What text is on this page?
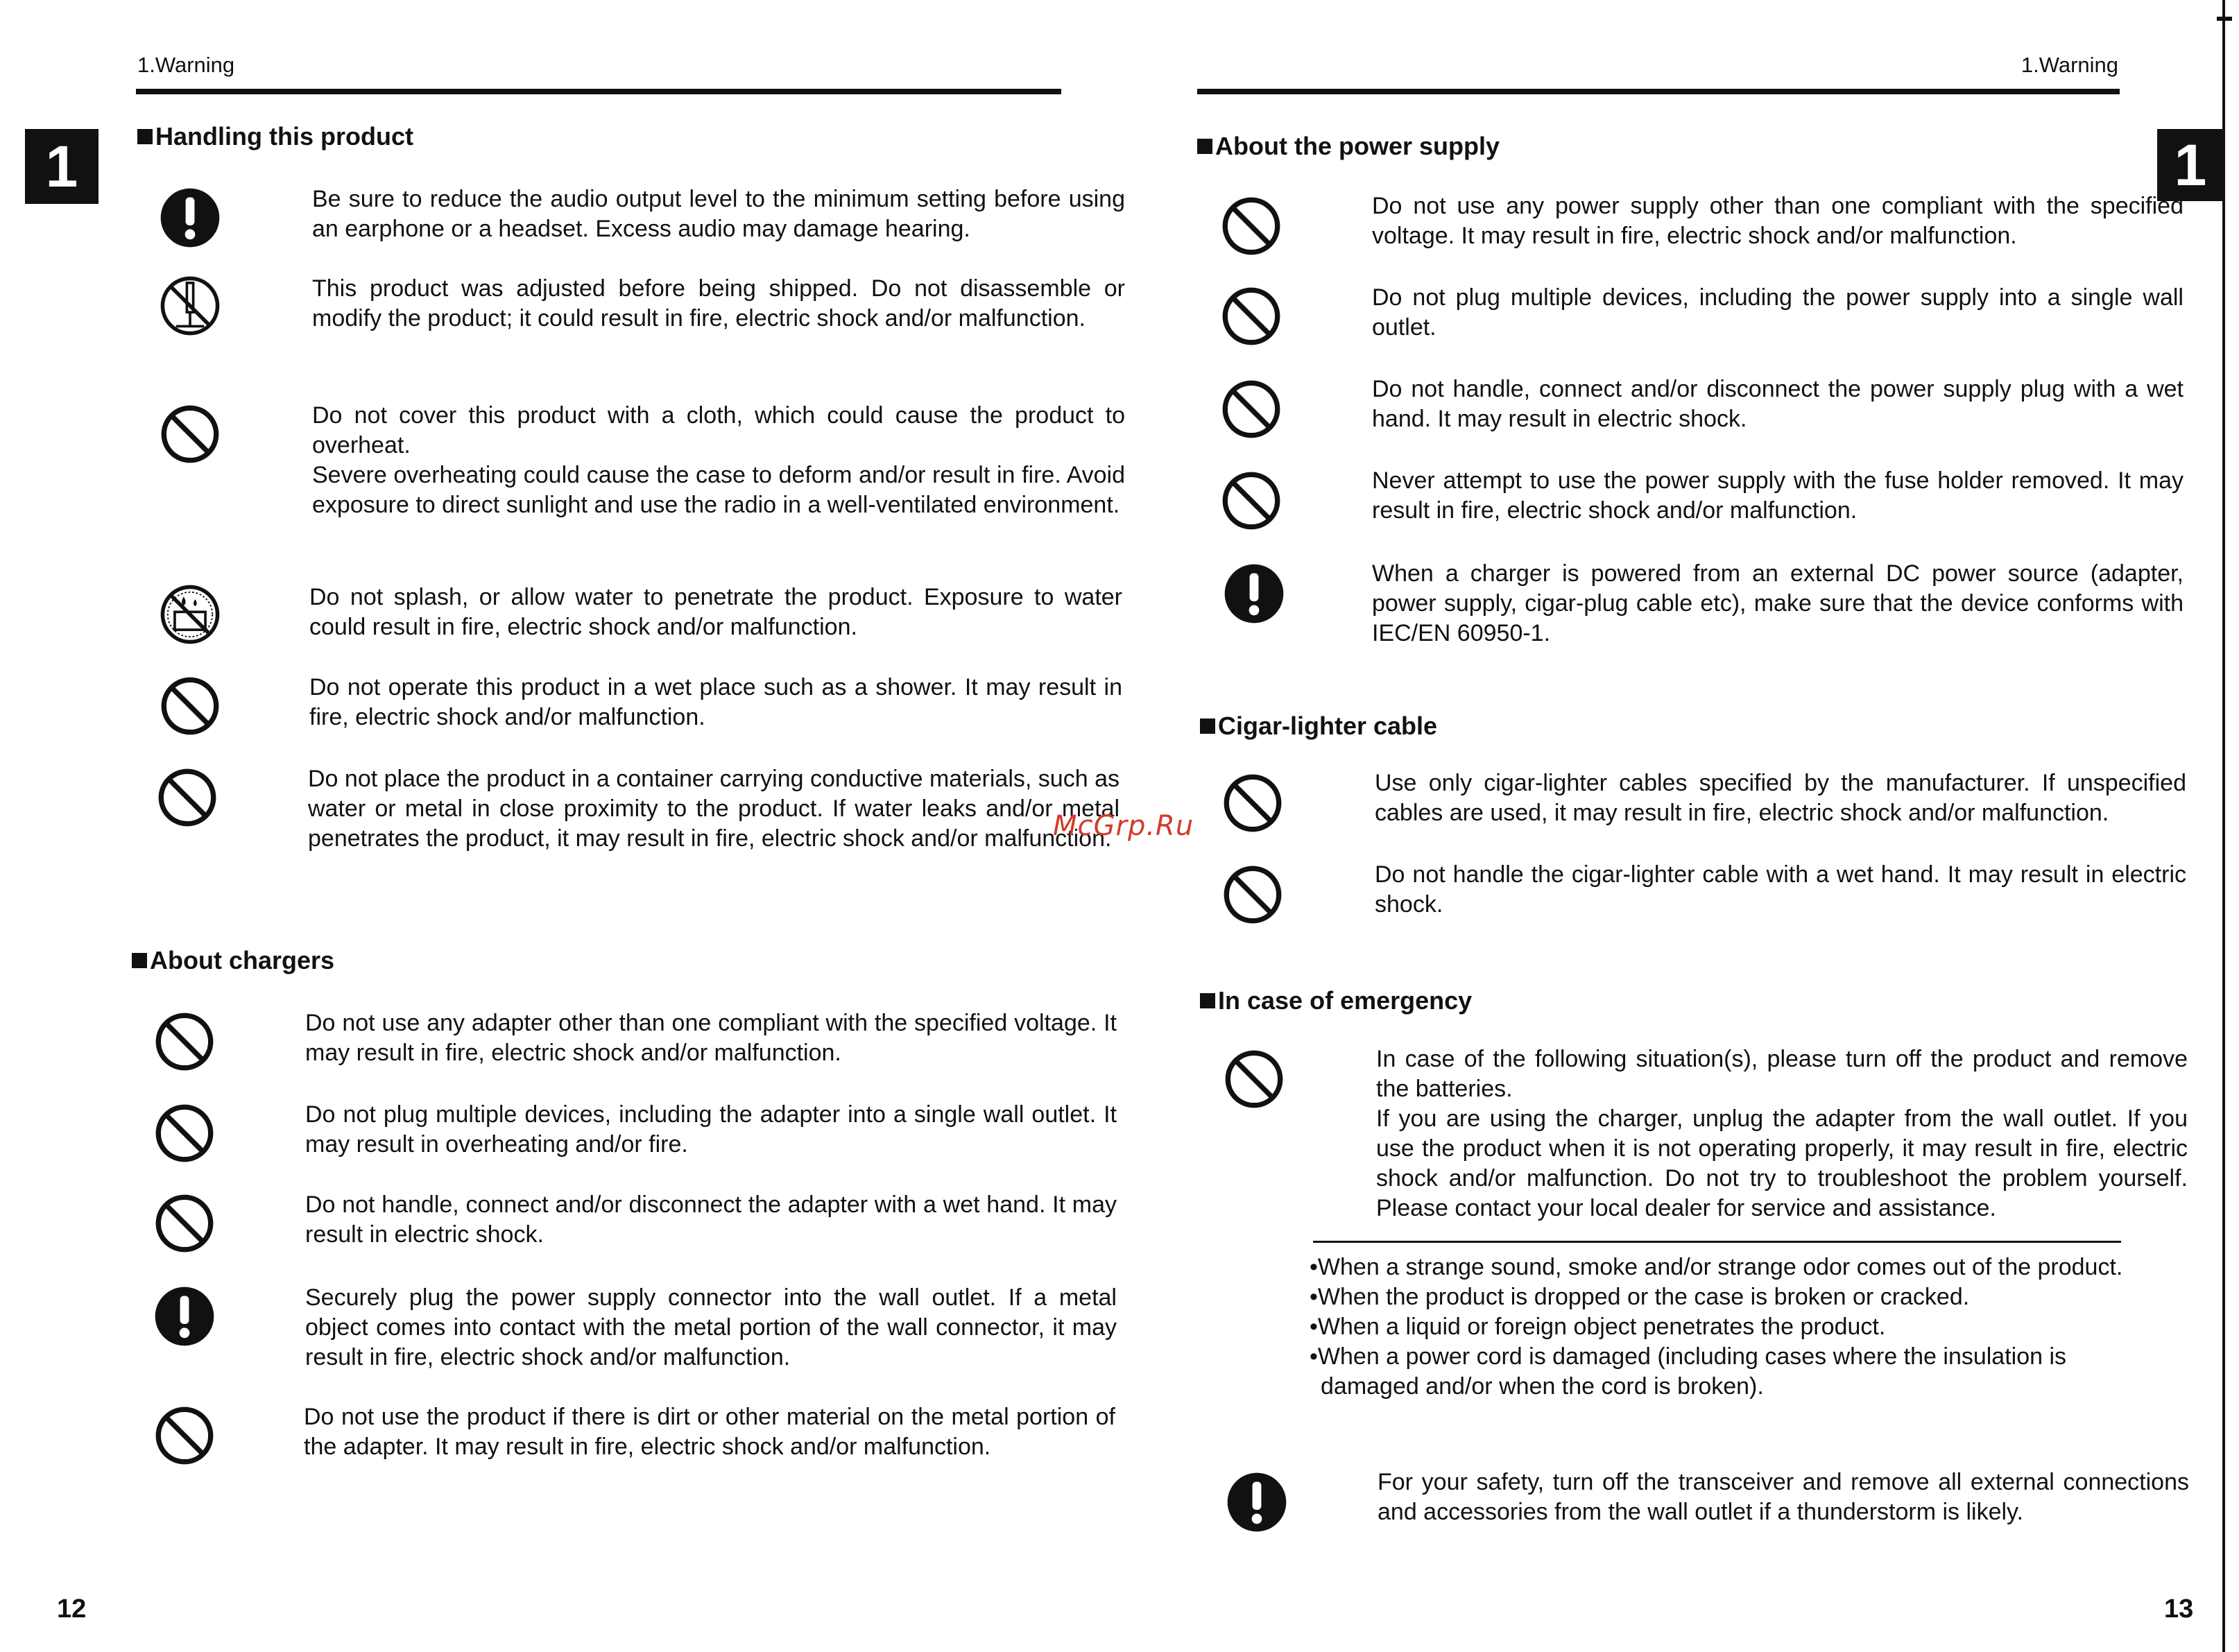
1.Warning
1	Handling this product
Be sure to reduce the audio output level to the minimum setting before using an earphone or a headset. Excess audio may damage hearing.
This product was adjusted before being shipped. Do not disassemble or modify the product; it could result in fire, electric shock and/or malfunction.
Do not cover this product with a cloth, which could cause the product to overheat.
Severe overheating could cause the case to deform and/or result in fire. Avoid exposure to direct sunlight and use the radio in a well-ventilated environment.
Do not splash, or allow water to penetrate the product. Exposure to water could result in fire, electric shock and/or malfunction.
Do not operate this product in a wet place such as a shower. It may result in fire, electric shock and/or malfunction.
Do not place the product in a container carrying conductive materials, such as water or metal in close proximity to the product. If water leaks and/or metal penetrates the product, it may result in fire, electric shock and/or malfunction.
About chargers
Do not use any adapter other than one compliant with the specified voltage. It may result in fire, electric shock and/or malfunction.
Do not plug multiple devices, including the adapter into a single wall outlet. It may result in overheating and/or fire.
Do not handle, connect and/or disconnect the adapter with a wet hand. It may result in electric shock.
Securely plug the power supply connector into the wall outlet. If a metal object comes into contact with the metal portion of the wall connector, it may result in fire, electric shock and/or malfunction.
Do not use the product if there is dirt or other material on the metal portion of the adapter. It may result in fire, electric shock and/or malfunction.
12
McGrp.Ru
1.Warning
1
About the power supply
Do not use any power supply other than one compliant with the specified voltage. It may result in fire, electric shock and/or malfunction.
Do not plug multiple devices, including the power supply into a single wall outlet.
Do not handle, connect and/or disconnect the power supply plug with a wet hand. It may result in electric shock.
Never attempt to use the power supply with the fuse holder removed. It may result in fire, electric shock and/or malfunction.
When a charger is powered from an external DC power source (adapter, power supply, cigar-plug cable etc), make sure that the device conforms with IEC/EN 60950-1.
Cigar-lighter cable
Use only cigar-lighter cables specified by the manufacturer. If unspecified cables are used, it may result in fire, electric shock and/or malfunction.
Do not handle the cigar-lighter cable with a wet hand. It may result in electric shock.
In case of emergency
In case of the following situation(s), please turn off the product and remove the batteries.
If you are using the charger, unplug the adapter from the wall outlet. If you use the product when it is not operating properly, it may result in fire, electric shock and/or malfunction. Do not try to troubleshoot the problem yourself. Please contact your local dealer for service and assistance.
•When a strange sound, smoke and/or strange odor comes out of the product.
•When the product is dropped or the case is broken or cracked.
•When a liquid or foreign object penetrates the product.
•When a power cord is damaged (including cases where the insulation is damaged and/or when the cord is broken).
For your safety, turn off the transceiver and remove all external connections and accessories from the wall outlet if a thunderstorm is likely.
13
